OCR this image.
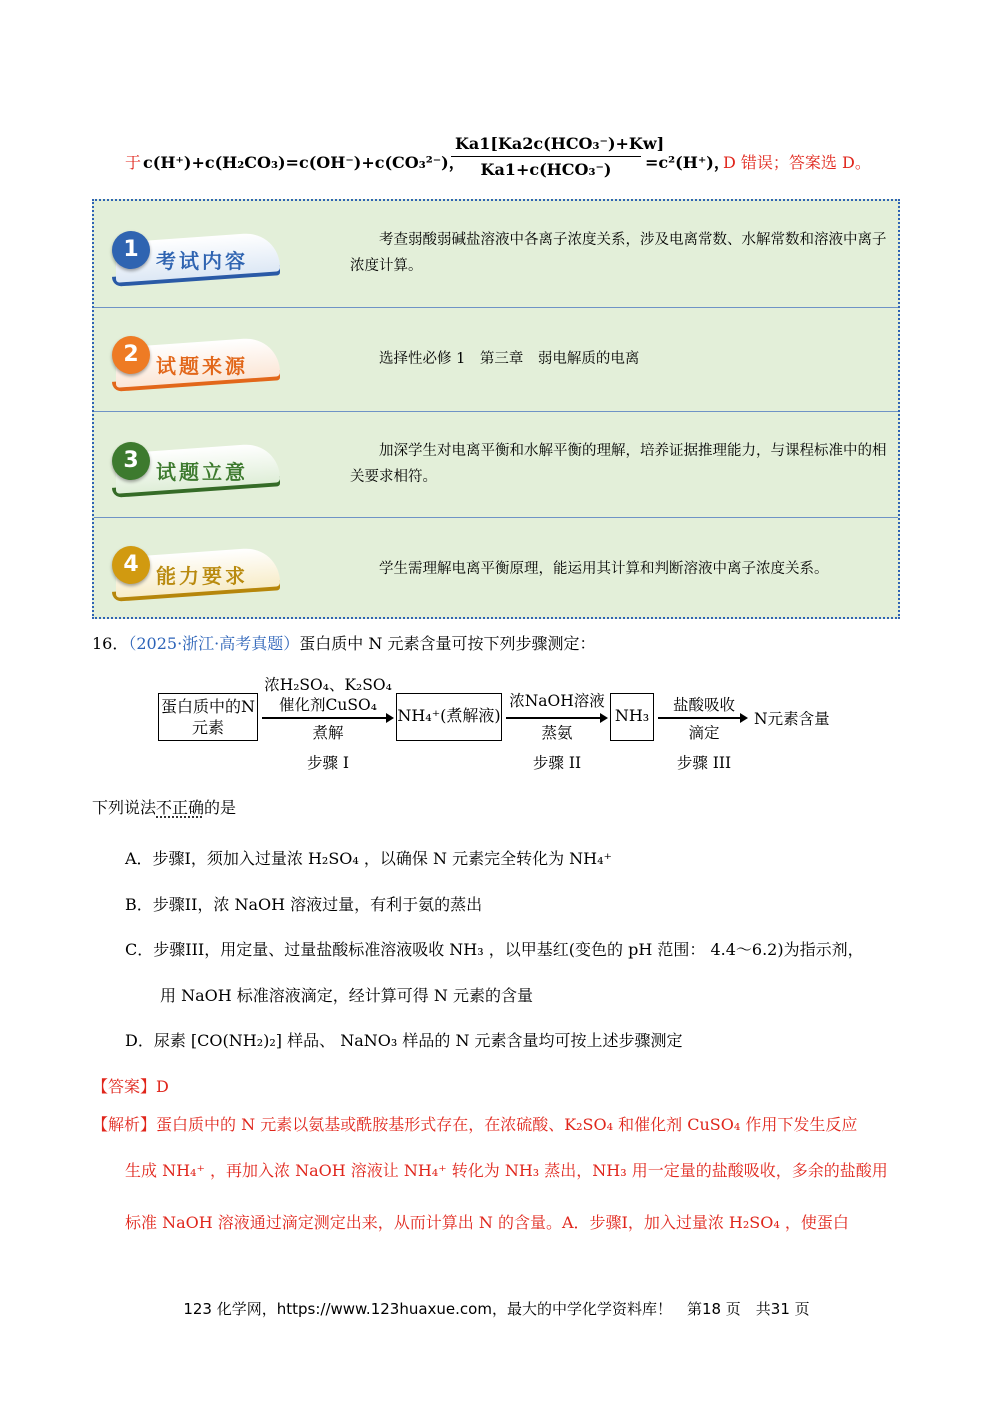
于 c(H⁺)+c(H₂CO₃)=c(OH⁻)+c(CO₃²⁻)，
Ka1[Ka2c(HCO₃⁻)+Kw]
Ka1+c(HCO₃⁻)	=c²(H⁺)，
D 错误；答案选 D。
1 考试内容
考查弱酸弱碱盐溶液中各离子浓度关系，涉及电离常数、水解常数和溶液中离子浓度计算。
2 试题来源	选择性必修 1　第三章　弱电解质的电离
3 试题立意
加深学生对电离平衡和水解平衡的理解，培养证据推理能力，与课程标准中的相关要求相符。
4 能力要求	学生需理解电离平衡原理，能运用其计算和判断溶液中离子浓度关系。
16．（2025·浙江·高考真题）蛋白质中 N 元素含量可按下列步骤测定：
蛋白质中的N元素
浓H₂SO₄、K₂SO₄
催化剂CuSO₄
煮解
NH₄⁺(煮解液)
浓NaOH溶液
蒸氨
NH₃
盐酸吸收
滴定
N元素含量
步骤 I	步骤 II	步骤 III
下列说法不正确的是
A．步骤I，须加入过量浓 H₂SO₄ ，以确保 N 元素完全转化为 NH₄⁺
B．步骤II，浓 NaOH 溶液过量，有利于氨的蒸出
C．步骤III，用定量、过量盐酸标准溶液吸收 NH₃ ，以甲基红(变色的 pH 范围： 4.4～6.2)为指示剂，
用 NaOH 标准溶液滴定，经计算可得 N 元素的含量
D．尿素 [CO(NH₂)₂] 样品、 NaNO₃ 样品的 N 元素含量均可按上述步骤测定
【答案】D
【解析】蛋白质中的 N 元素以氨基或酰胺基形式存在，在浓硫酸、K₂SO₄ 和催化剂 CuSO₄ 作用下发生反应
生成 NH₄⁺ ，再加入浓 NaOH 溶液让 NH₄⁺ 转化为 NH₃ 蒸出，NH₃ 用一定量的盐酸吸收，多余的盐酸用
标准 NaOH 溶液通过滴定测定出来，从而计算出 N 的含量。A．步骤I，加入过量浓 H₂SO₄ ，使蛋白
123 化学网，https://www.123huaxue.com，最大的中学化学资料库！　第18 页　共31 页
